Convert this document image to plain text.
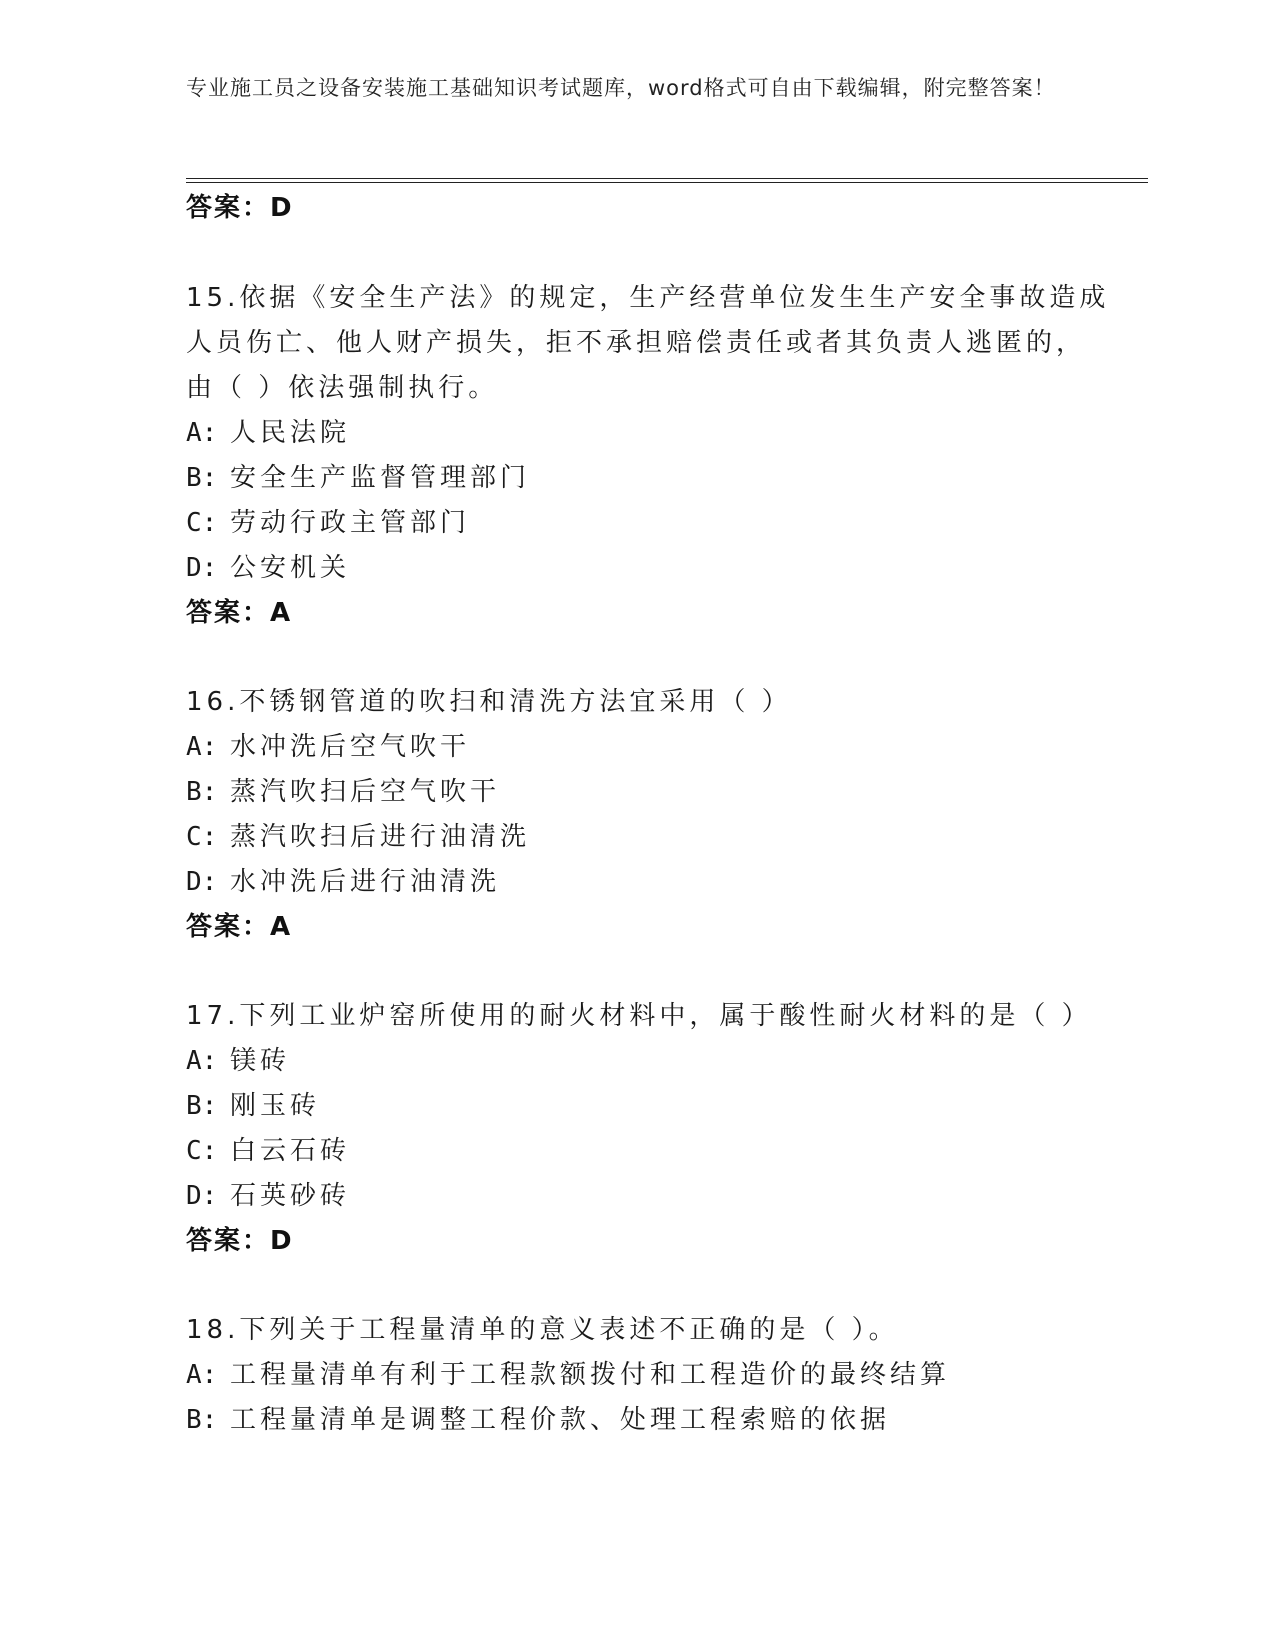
专业施工员之设备安装施工基础知识考试题库，word格式可自由下载编辑，附完整答案！
答案：D
15.依据《安全生产法》的规定，生产经营单位发生生产安全事故造成
人员伤亡、他人财产损失，拒不承担赔偿责任或者其负责人逃匿的，
由（ ）依法强制执行。
A: 人民法院
B: 安全生产监督管理部门
C: 劳动行政主管部门
D: 公安机关
答案：A
16.不锈钢管道的吹扫和清洗方法宜采用（ ）
A: 水冲洗后空气吹干
B: 蒸汽吹扫后空气吹干
C: 蒸汽吹扫后进行油清洗
D: 水冲洗后进行油清洗
答案：A
17.下列工业炉窑所使用的耐火材料中，属于酸性耐火材料的是（ ）
A: 镁砖
B: 刚玉砖
C: 白云石砖
D: 石英砂砖
答案：D
18.下列关于工程量清单的意义表述不正确的是（ ）。
A: 工程量清单有利于工程款额拨付和工程造价的最终结算
B: 工程量清单是调整工程价款、处理工程索赔的依据
